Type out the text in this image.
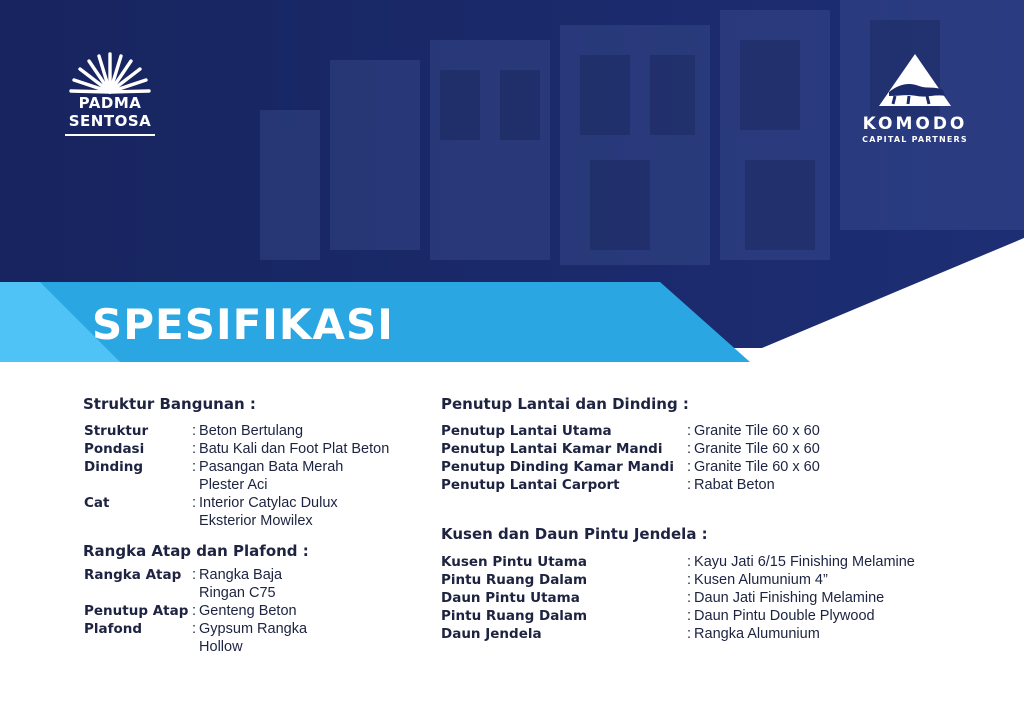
PADMA
SENTOSA	KOMODO
CAPITAL PARTNERS
SPESIFIKASI
Struktur Bangunan :
Struktur	:	Beton Bertulang

Pondasi	:	Batu Kali dan Foot Plat Beton

Dinding	:	Pasangan Bata Merah
Plester Aci

Cat	:	Interior Catylac Dulux
Eksterior Mowilex
Rangka Atap dan Plafond :
Rangka Atap	:	Rangka Baja
Ringan C75

Penutup Atap	:	Genteng Beton

Plafond	:	Gypsum Rangka
Hollow
Penutup Lantai dan Dinding :
Penutup Lantai Utama	:	Granite Tile 60 x 60

Penutup Lantai Kamar Mandi	:	Granite Tile 60 x 60

Penutup Dinding Kamar Mandi	:	Granite Tile 60 x 60

Penutup Lantai Carport	:	Rabat Beton
Kusen dan Daun Pintu Jendela :
Kusen Pintu Utama	:	Kayu Jati 6/15 Finishing Melamine

Pintu Ruang Dalam	:	Kusen Alumunium 4”

Daun Pintu Utama	:	Daun Jati Finishing Melamine

Pintu Ruang Dalam	:	Daun Pintu Double Plywood

Daun Jendela	:	Rangka Alumunium
